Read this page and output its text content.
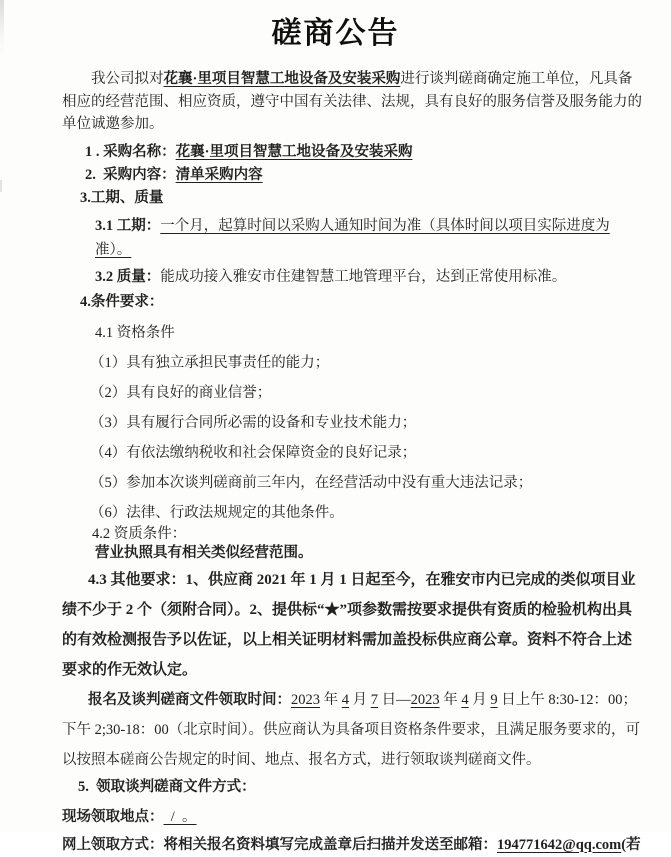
磋商公告

我公司拟对花襄·里项目智慧工地设备及安装采购进行谈判磋商确定施工单位，凡具备相应的经营范围、相应资质，遵守中国有关法律、法规，具有良好的服务信誉及服务能力的单位诚邀参加。

1 . 采购名称：花襄·里项目智慧工地设备及安装采购
2.  采购内容：清单采购内容
3.工期、质量
3.1 工期：一个月，起算时间以采购人通知时间为准（具体时间以项目实际进度为准）。
3.2 质量：能成功接入雅安市住建智慧工地管理平台，达到正常使用标准。
4.条件要求：
4.1 资格条件
（1）具有独立承担民事责任的能力；
（2）具有良好的商业信誉；
（3）具有履行合同所必需的设备和专业技术能力；
（4）有依法缴纳税收和社会保障资金的良好记录；
（5）参加本次谈判磋商前三年内，在经营活动中没有重大违法记录；
（6）法律、行政法规规定的其他条件。
4.2 资质条件：
营业执照具有相关类似经营范围。

4.3 其他要求：1、供应商 2021 年 1 月 1 日起至今，在雅安市内已完成的类似项目业绩不少于 2 个（须附合同）。2、提供标“★”项参数需按要求提供有资质的检验机构出具的有效检测报告予以佐证，以上相关证明材料需加盖投标供应商公章。资料不符合上述要求的作无效认定。

报名及谈判磋商文件领取时间：2023 年 4 月 7 日—2023 年 4 月 9 日上午 8:30-12：00；下午 2;30-18：00（北京时间）。供应商认为具备项目资格条件要求，且满足服务要求的，可以按照本磋商公告规定的时间、地点、报名方式，进行领取谈判磋商文件。

5.  领取谈判磋商文件方式：
现场领取地点：  /  。
网上领取方式：将相关报名资料填写完成盖章后扫描并发送至邮箱：194771642@qq.com(若
